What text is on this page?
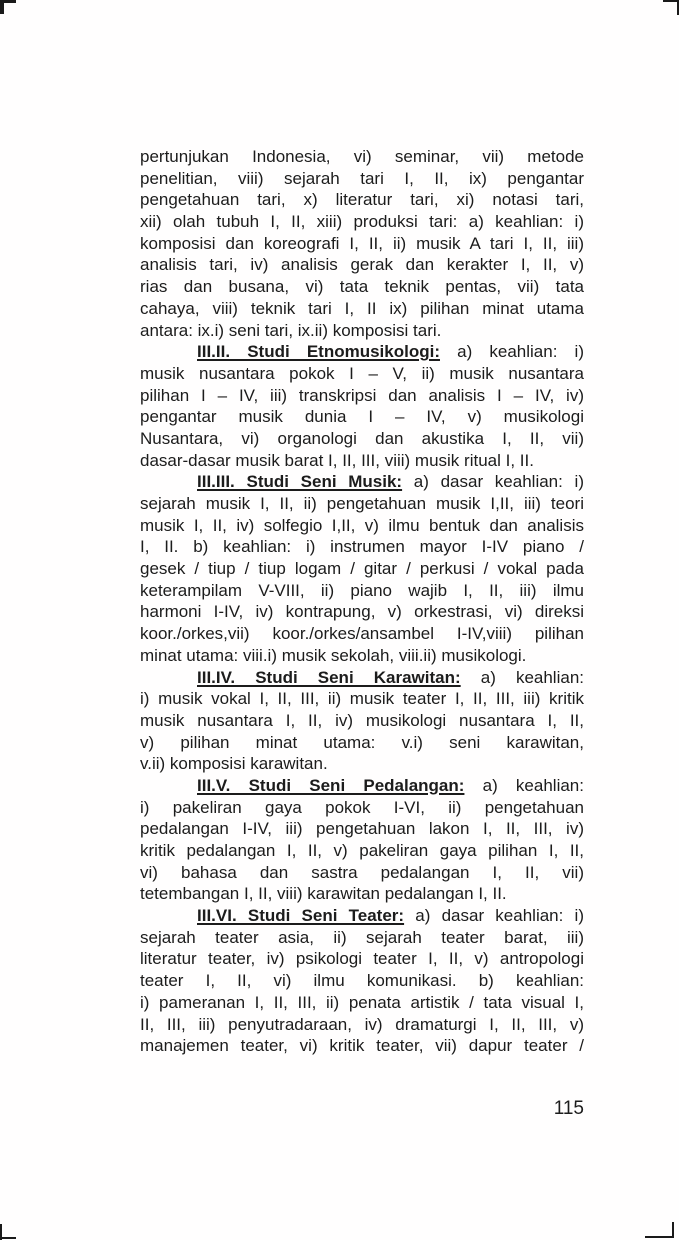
pertunjukan Indonesia, vi) seminar, vii) metode
penelitian, viii) sejarah tari I, II, ix) pengantar
pengetahuan tari, x) literatur tari, xi) notasi tari,
xii) olah tubuh I, II, xiii) produksi tari: a) keahlian: i)
komposisi dan koreografi I, II, ii) musik A tari I, II, iii)
analisis tari, iv) analisis gerak dan kerakter I, II, v)
rias dan busana, vi) tata teknik pentas, vii) tata
cahaya, viii) teknik tari I, II ix) pilihan minat utama
antara: ix.i) seni tari, ix.ii) komposisi tari.
III.II. Studi Etnomusikologi: a) keahlian: i)
musik nusantara pokok I – V, ii) musik nusantara
pilihan I – IV, iii) transkripsi dan analisis I – IV, iv)
pengantar musik dunia I – IV, v) musikologi
Nusantara, vi) organologi dan akustika I, II, vii)
dasar-dasar musik barat I, II, III, viii) musik ritual I, II.
III.III. Studi Seni Musik: a) dasar keahlian: i)
sejarah musik I, II, ii) pengetahuan musik I,II, iii) teori
musik I, II, iv) solfegio I,II, v) ilmu bentuk dan analisis
I, II. b) keahlian: i) instrumen mayor I-IV piano /
gesek / tiup / tiup logam / gitar / perkusi / vokal pada
keterampilam V-VIII, ii) piano wajib I, II, iii) ilmu
harmoni I-IV, iv) kontrapung, v) orkestrasi, vi) direksi
koor./orkes,vii) koor./orkes/ansambel I-IV,viii) pilihan
minat utama: viii.i) musik sekolah, viii.ii) musikologi.
III.IV. Studi Seni Karawitan: a) keahlian:
i) musik vokal I, II, III, ii) musik teater I, II, III, iii) kritik
musik nusantara I, II, iv) musikologi nusantara I, II,
v) pilihan minat utama: v.i) seni karawitan,
v.ii) komposisi karawitan.
III.V. Studi Seni Pedalangan: a) keahlian:
i) pakeliran gaya pokok I-VI, ii) pengetahuan
pedalangan I-IV, iii) pengetahuan lakon I, II, III, iv)
kritik pedalangan I, II, v) pakeliran gaya pilihan I, II,
vi) bahasa dan sastra pedalangan I, II, vii)
tetembangan I, II, viii) karawitan pedalangan I, II.
III.VI. Studi Seni Teater: a) dasar keahlian: i)
sejarah teater asia, ii) sejarah teater barat, iii)
literatur teater, iv) psikologi teater I, II, v) antropologi
teater I, II, vi) ilmu komunikasi. b) keahlian:
i) pameranan I, II, III, ii) penata artistik / tata visual I,
II, III, iii) penyutradaraan, iv) dramaturgi I, II, III, v)
manajemen teater, vi) kritik teater, vii) dapur teater /
115
